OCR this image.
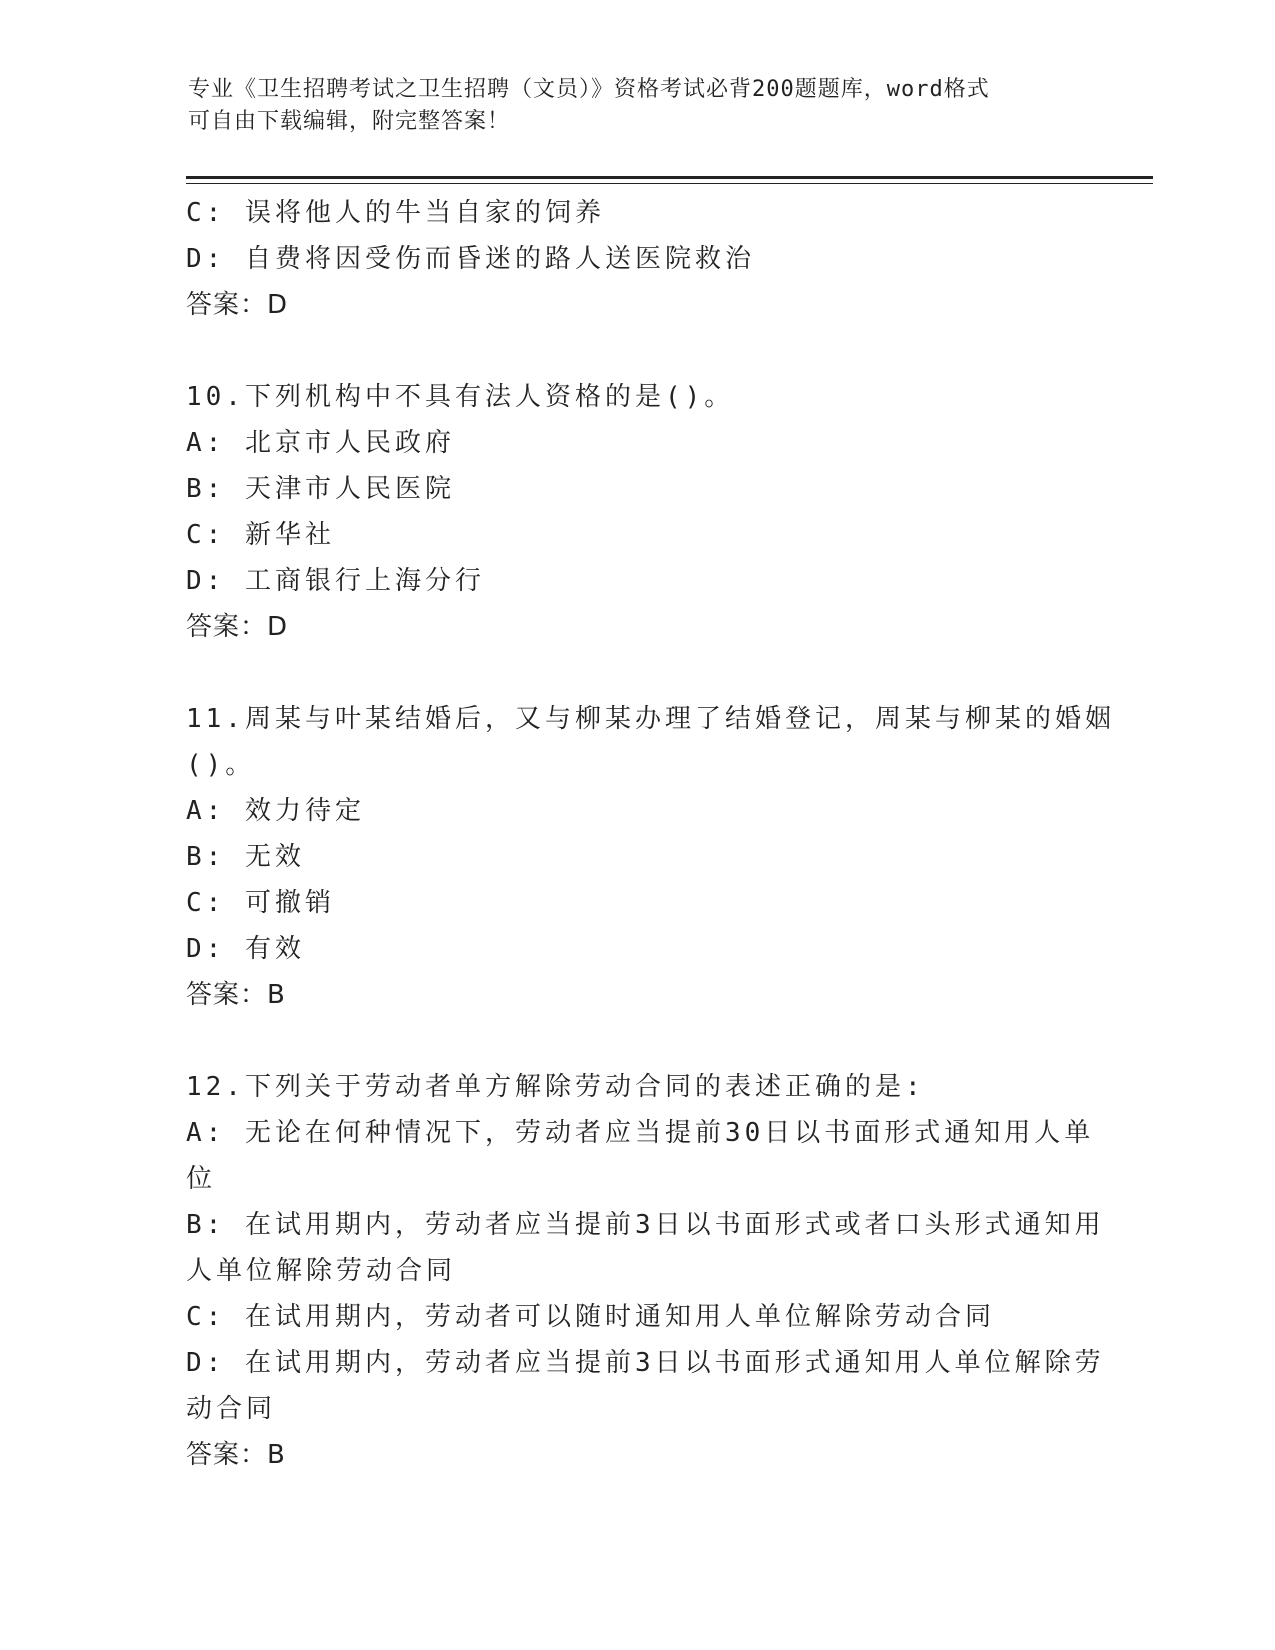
专业《卫生招聘考试之卫生招聘（文员）》资格考试必背200题题库，word格式
可自由下载编辑，附完整答案！
C: 误将他人的牛当自家的饲养
D: 自费将因受伤而昏迷的路人送医院救治
答案：D
10.下列机构中不具有法人资格的是()。
A: 北京市人民政府
B: 天津市人民医院
C: 新华社
D: 工商银行上海分行
答案：D
11.周某与叶某结婚后，又与柳某办理了结婚登记，周某与柳某的婚姻
()。
A: 效力待定
B: 无效
C: 可撤销
D: 有效
答案：B
12.下列关于劳动者单方解除劳动合同的表述正确的是:
A: 无论在何种情况下，劳动者应当提前30日以书面形式通知用人单
位
B: 在试用期内，劳动者应当提前3日以书面形式或者口头形式通知用
人单位解除劳动合同
C: 在试用期内，劳动者可以随时通知用人单位解除劳动合同
D: 在试用期内，劳动者应当提前3日以书面形式通知用人单位解除劳
动合同
答案：B
